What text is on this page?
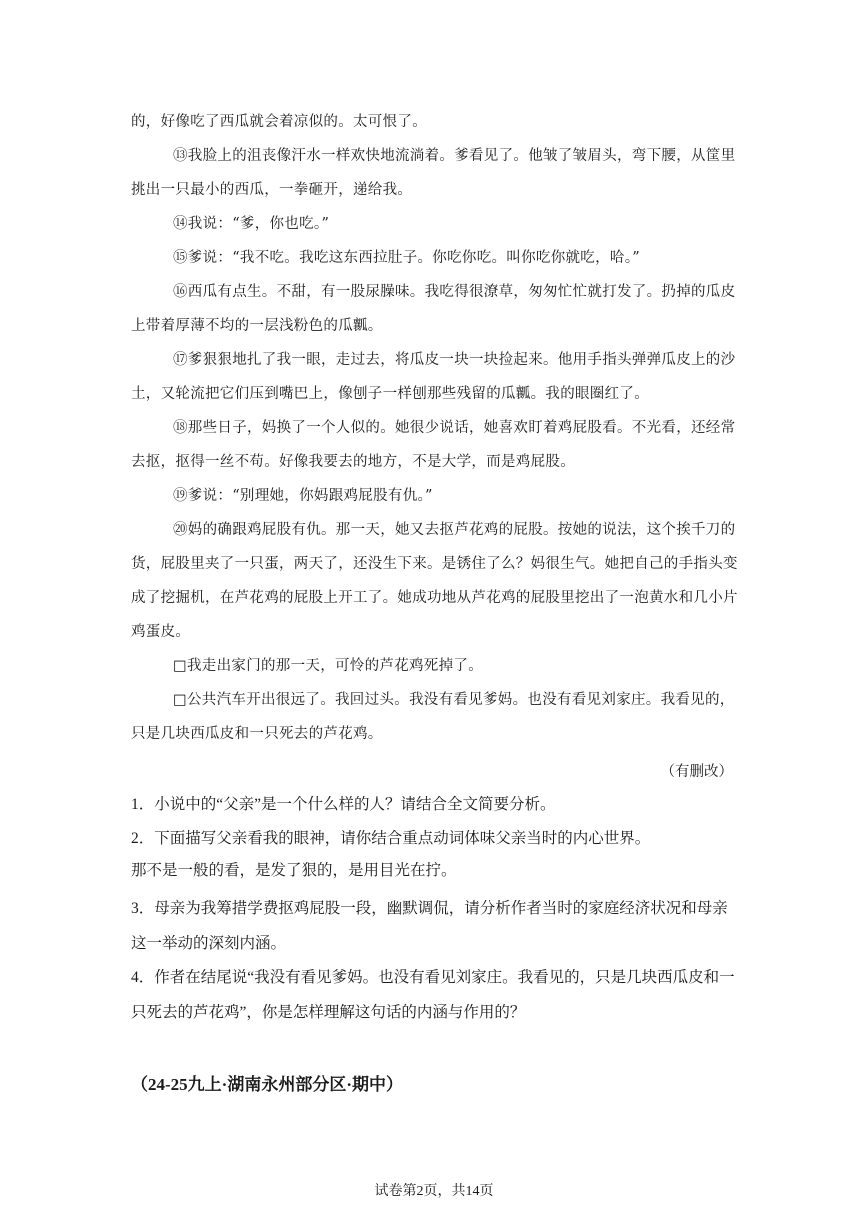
的，好像吃了西瓜就会着凉似的。太可恨了。
⑬我脸上的沮丧像汗水一样欢快地流淌着。爹看见了。他皱了皱眉头，弯下腰，从筐里挑出一只最小的西瓜，一拳砸开，递给我。
⑭我说：“爹，你也吃。”
⑮爹说：“我不吃。我吃这东西拉肚子。你吃你吃。叫你吃你就吃，哈。”
⑯西瓜有点生。不甜，有一股尿臊味。我吃得很潦草，匆匆忙忙就打发了。扔掉的瓜皮上带着厚薄不均的一层浅粉色的瓜瓤。
⑰爹狠狠地扎了我一眼，走过去，将瓜皮一块一块捡起来。他用手指头弹弹瓜皮上的沙土，又轮流把它们压到嘴巴上，像刨子一样刨那些残留的瓜瓤。我的眼圈红了。
⑱那些日子，妈换了一个人似的。她很少说话，她喜欢盯着鸡屁股看。不光看，还经常去抠，抠得一丝不苟。好像我要去的地方，不是大学，而是鸡屁股。
⑲爹说：“别理她，你妈跟鸡屁股有仇。”
⑳妈的确跟鸡屁股有仇。那一天，她又去抠芦花鸡的屁股。按她的说法，这个挨千刀的货，屁股里夹了一只蛋，两天了，还没生下来。是锈住了么？妈很生气。她把自己的手指头变成了挖掘机，在芦花鸡的屁股上开工了。她成功地从芦花鸡的屁股里挖出了一泡黄水和几小片鸡蛋皮。
□我走出家门的那一天，可怜的芦花鸡死掉了。
□公共汽车开出很远了。我回过头。我没有看见爹妈。也没有看见刘家庄。我看见的，只是几块西瓜皮和一只死去的芦花鸡。
（有删改）
1．小说中的“父亲”是一个什么样的人？请结合全文简要分析。
2．下面描写父亲看我的眼神，请你结合重点动词体味父亲当时的内心世界。
那不是一般的看，是发了狠的，是用目光在拧。
3．母亲为我筹措学费抠鸡屁股一段，幽默调侃，请分析作者当时的家庭经济状况和母亲这一举动的深刻内涵。
4．作者在结尾说“我没有看见爹妈。也没有看见刘家庄。我看见的，只是几块西瓜皮和一只死去的芦花鸡”，你是怎样理解这句话的内涵与作用的？
（24-25九上·湖南永州部分区·期中）
试卷第2页，共14页
